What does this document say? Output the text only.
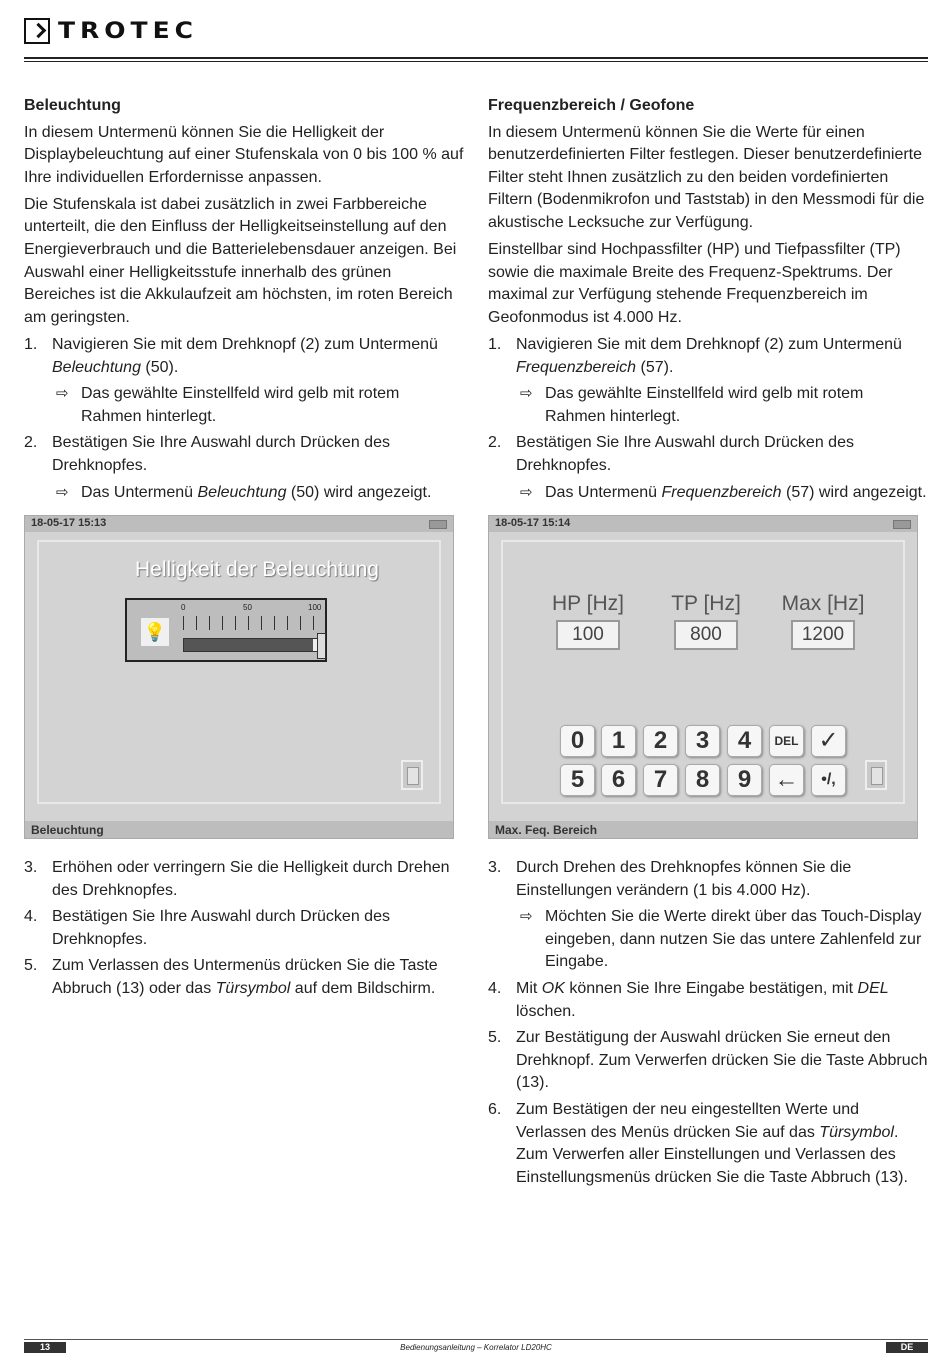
TROTEC

Beleuchtung

In diesem Untermenü können Sie die Helligkeit der Displaybeleuchtung auf einer Stufenskala von 0 bis 100 % auf Ihre individuellen Erfordernisse anpassen.

Die Stufenskala ist dabei zusätzlich in zwei Farbbereiche unterteilt, die den Einfluss der Helligkeitseinstellung auf den Energieverbrauch und die Batterielebensdauer anzeigen. Bei Auswahl einer Helligkeitsstufe innerhalb des grünen Bereiches ist die Akkulaufzeit am höchsten, im roten Bereich am geringsten.

1. Navigieren Sie mit dem Drehknopf (2) zum Untermenü Beleuchtung (50).
⇨ Das gewählte Einstellfeld wird gelb mit rotem Rahmen hinterlegt.
2. Bestätigen Sie Ihre Auswahl durch Drücken des Drehknopfes.
⇨ Das Untermenü Beleuchtung (50) wird angezeigt.

Frequenzbereich / Geofone

In diesem Untermenü können Sie die Werte für einen benutzerdefinierten Filter festlegen. Dieser benutzerdefinierte Filter steht Ihnen zusätzlich zu den beiden vordefinierten Filtern (Bodenmikrofon und Taststab) in den Messmodi für die akustische Lecksuche zur Verfügung.

Einstellbar sind Hochpassfilter (HP) und Tiefpassfilter (TP) sowie die maximale Breite des Frequenz-Spektrums. Der maximal zur Verfügung stehende Frequenzbereich im Geofonmodus ist 4.000 Hz.

1. Navigieren Sie mit dem Drehknopf (2) zum Untermenü Frequenzbereich (57).
⇨ Das gewählte Einstellfeld wird gelb mit rotem Rahmen hinterlegt.
2. Bestätigen Sie Ihre Auswahl durch Drücken des Drehknopfes.
⇨ Das Untermenü Frequenzbereich (57) wird angezeigt.
18-05-17 15:13
Helligkeit der Beleuchtung
💡
0	50	100
Beleuchtung
18-05-17 15:14
HP [Hz]
100
TP [Hz]
800
Max [Hz]
1200
0	1	2	3	4	DEL ✓
5	6	7	8	9 ←	•/,
Max. Feq. Bereich
3. Erhöhen oder verringern Sie die Helligkeit durch Drehen des Drehknopfes.
4. Bestätigen Sie Ihre Auswahl durch Drücken des Drehknopfes.
5. Zum Verlassen des Untermenüs drücken Sie die Taste Abbruch (13) oder das Türsymbol auf dem Bildschirm.
3. Durch Drehen des Drehknopfes können Sie die Einstellungen verändern (1 bis 4.000 Hz).
⇨ Möchten Sie die Werte direkt über das Touch-Display eingeben, dann nutzen Sie das untere Zahlenfeld zur Eingabe.
4. Mit OK können Sie Ihre Eingabe bestätigen, mit DEL löschen.
5. Zur Bestätigung der Auswahl drücken Sie erneut den Drehknopf. Zum Verwerfen drücken Sie die Taste Abbruch (13).
6. Zum Bestätigen der neu eingestellten Werte und Verlassen des Menüs drücken Sie auf das Türsymbol. Zum Verwerfen aller Einstellungen und Verlassen des Einstellungsmenüs drücken Sie die Taste Abbruch (13).
13	Bedienungsanleitung – Korrelator LD20HC	DE
